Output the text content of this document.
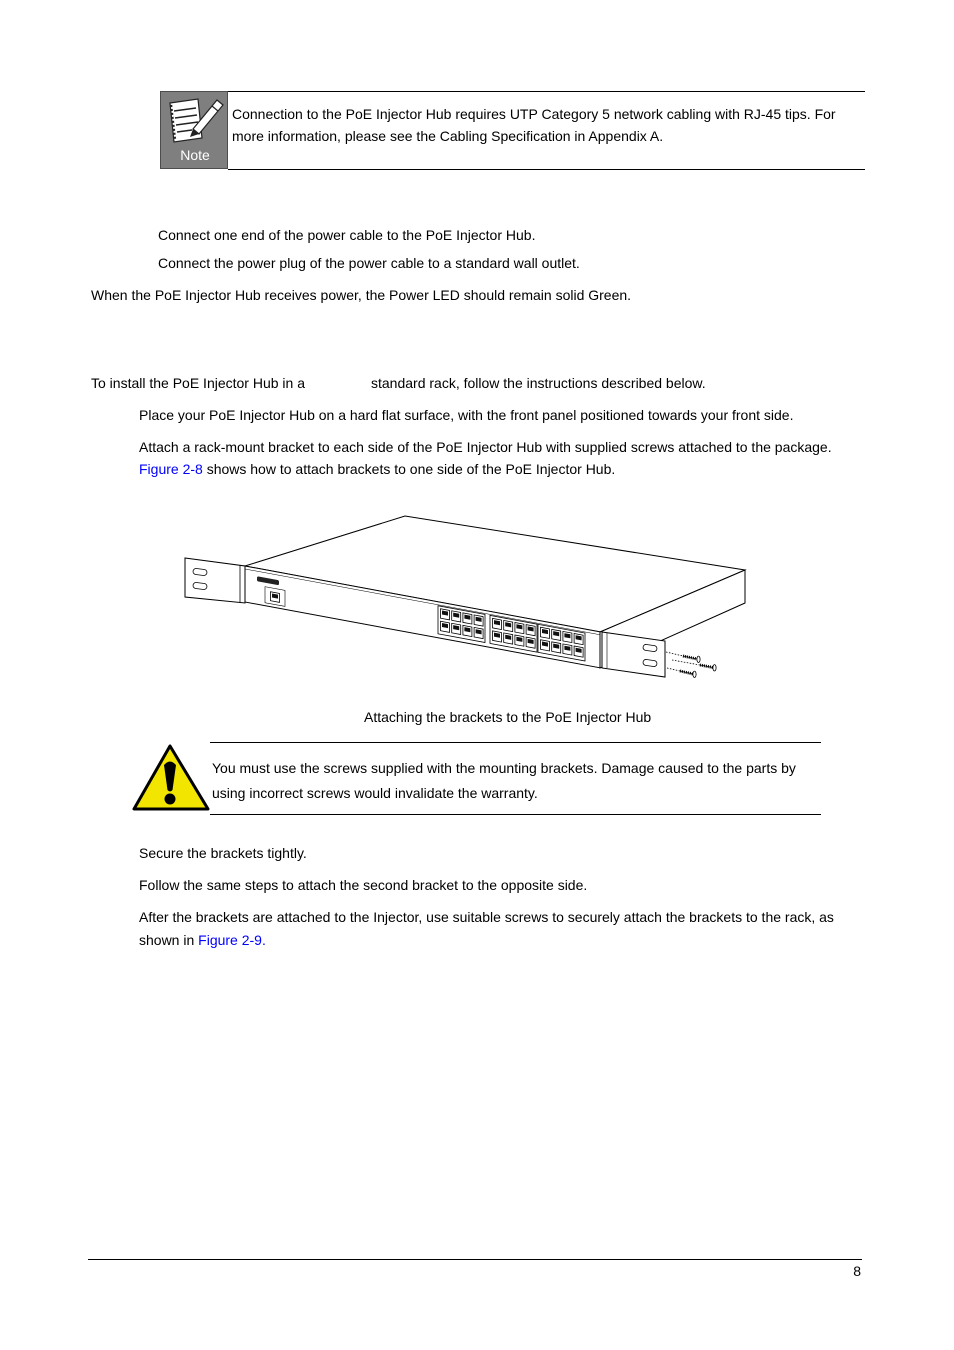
Note
Connection to the PoE Injector Hub requires UTP Category 5 network cabling with RJ-45 tips. For
more information, please see the Cabling Specification in Appendix A.
Connect one end of the power cable to the PoE Injector Hub.
Connect the power plug of the power cable to a standard wall outlet.
When the PoE Injector Hub receives power, the Power LED should remain solid Green.
To install the PoE Injector Hub in a	standard rack, follow the instructions described below.
Place your PoE Injector Hub on a hard flat surface, with the front panel positioned towards your front side.
Attach a rack-mount bracket to each side of the PoE Injector Hub with supplied screws attached to the package.
Figure 2-8 shows how to attach brackets to one side of the PoE Injector Hub.
Attaching the brackets to the PoE Injector Hub
You must use the screws supplied with the mounting brackets. Damage caused to the parts by
using incorrect screws would invalidate the warranty.
Secure the brackets tightly.
Follow the same steps to attach the second bracket to the opposite side.
After the brackets are attached to the Injector, use suitable screws to securely attach the brackets to the rack, as
shown in Figure 2-9.
8
